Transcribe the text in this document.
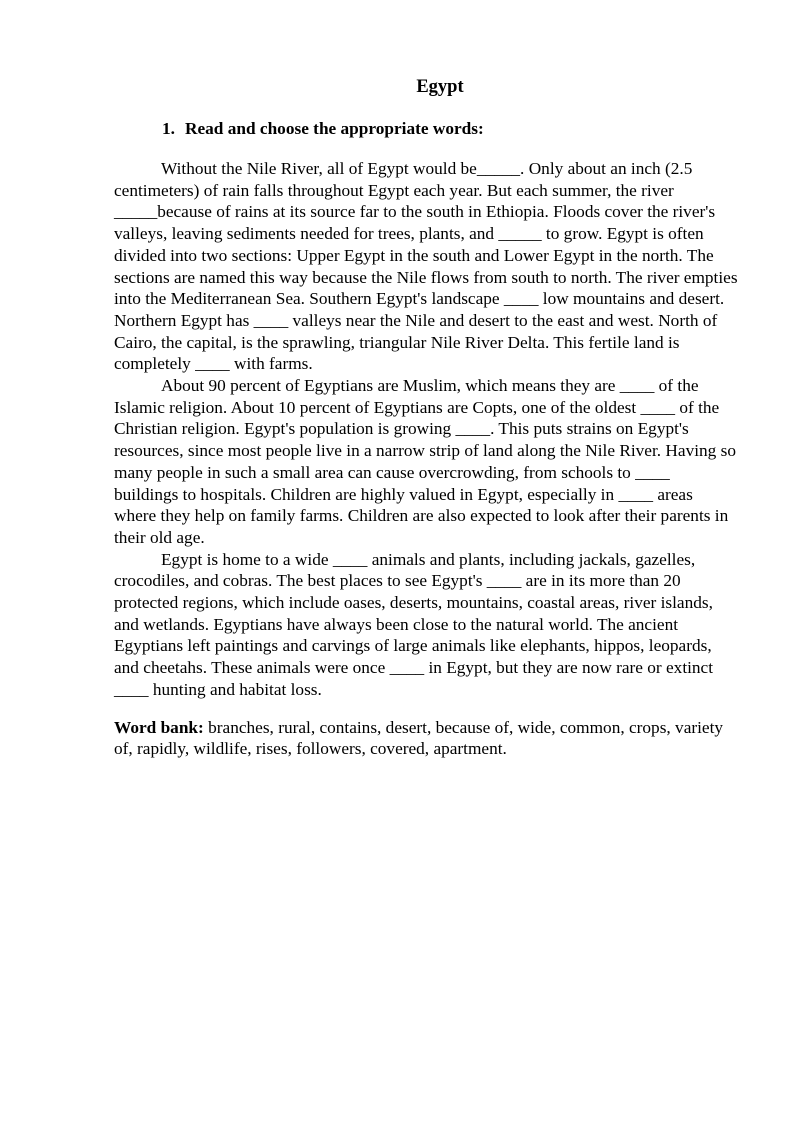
Egypt
1. Read and choose the appropriate words:

Without the Nile River, all of Egypt would be_____. Only about an inch (2.5 centimeters) of rain falls throughout Egypt each year. But each summer, the river _____because of rains at its source far to the south in Ethiopia. Floods cover the river's valleys, leaving sediments needed for trees, plants, and _____ to grow. Egypt is often divided into two sections: Upper Egypt in the south and Lower Egypt in the north. The sections are named this way because the Nile flows from south to north. The river empties into the Mediterranean Sea. Southern Egypt's landscape ____ low mountains and desert. Northern Egypt has ____ valleys near the Nile and desert to the east and west. North of Cairo, the capital, is the sprawling, triangular Nile River Delta. This fertile land is completely ____ with farms.

About 90 percent of Egyptians are Muslim, which means they are ____ of the Islamic religion. About 10 percent of Egyptians are Copts, one of the oldest ____ of the Christian religion. Egypt's population is growing ____. This puts strains on Egypt's resources, since most people live in a narrow strip of land along the Nile River. Having so many people in such a small area can cause overcrowding, from schools to ____ buildings to hospitals. Children are highly valued in Egypt, especially in ____ areas where they help on family farms. Children are also expected to look after their parents in their old age.

Egypt is home to a wide ____ animals and plants, including jackals, gazelles, crocodiles, and cobras. The best places to see Egypt's ____ are in its more than 20 protected regions, which include oases, deserts, mountains, coastal areas, river islands, and wetlands. Egyptians have always been close to the natural world. The ancient Egyptians left paintings and carvings of large animals like elephants, hippos, leopards, and cheetahs. These animals were once ____ in Egypt, but they are now rare or extinct ____ hunting and habitat loss.

Word bank: branches, rural, contains, desert, because of, wide, common, crops, variety of, rapidly, wildlife, rises, followers, covered, apartment.
